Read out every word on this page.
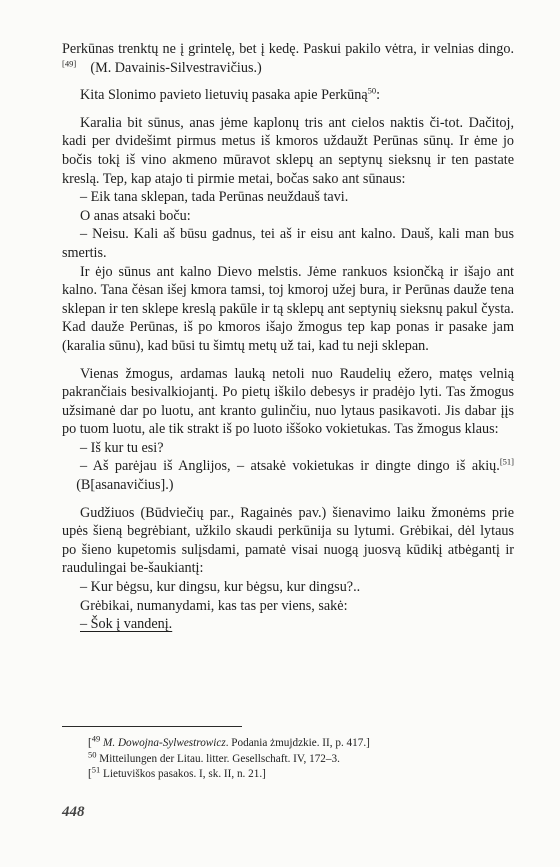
Perkūnas trenktų ne į grintelę, bet į kedę. Paskui pakilo vėtra, ir velnias dingo.[49]    (M. Davainis-Silvestravičius.)

Kita Slonimo pavieto lietuvių pasaka apie Perkūną$^{50}$:

Karalia bit sūnus, anas jėme kaplonų tris ant cielos naktis či-tot. Dačitoj, kadi per dvidešimt pirmus metus iš kmoros uždaužt Perūnas sūnų. Ir ėme jo bočis tokį iš vino akmeno mūravot sklepų an septynų sieksnų ir ten pastate kreslą. Tep, kap atajo ti pirmie metai, bočas sako ant sūnaus:

– Eik tana sklepan, tada Perūnas neuždauš tavi.

O anas atsaki boču:

– Neisu. Kali aš būsu gadnus, tei aš ir eisu ant kalno. Dauš, kali man bus smertis.

Ir ėjo sūnus ant kalno Dievo melstis. Jėme rankuos ksiončką ir išajo ant kalno. Tana čėsan išej kmora tamsi, toj kmoroj užej bura, ir Perūnas dauže tena sklepan ir ten sklepe kreslą pakūle ir tą sklepų ant septynių sieksnų pakul čysta. Kad dauže Perūnas, iš po kmoros išajo žmogus tep kap ponas ir pasake jam (karalia sūnu), kad būsi tu šimtų metų už tai, kad tu neji sklepan.

Vienas žmogus, ardamas lauką netoli nuo Raudelių ežero, matęs velnią pakrančiais besivalkiojantį. Po pietų iškilo debesys ir pradėjo lyti. Tas žmogus užsimanė dar po luotu, ant kranto gulinčiu, nuo lytaus pasikavoti. Jis dabar įįs po tuom luotu, ale tik strakt iš po luoto iššoko vokietukas. Tas žmogus klaus:

– Iš kur tu esi?

– Aš parėjau iš Anglijos, – atsakė vokietukas ir dingte dingo iš akių.[51]    (B[asanavičius].)

Gudžiuos (Būdviečių par., Ragainės pav.) šienavimo laiku žmonėms prie upės šieną begrėbiant, užkilo skaudi perkūnija su lytumi. Grėbikai, dėl lytaus po šieno kupetomis sulįsdami, pamatė visai nuogą juosvą kūdikį atbėgantį ir raudulingai be-šaukiantį:

– Kur bėgsu, kur dingsu, kur bėgsu, kur dingsu?..

Grėbikai, numanydami, kas tas per viens, sakė:

– Šok į vandenį.

[$^{49}$ M. Dowojna-Sylwestrowicz. Podania żmujdzkie. II, p. 417.]
$^{50}$ Mitteilungen der Litau. litter. Gesellschaft. IV, 172–3.
[$^{51}$ Lietuviškos pasakos. I, sk. II, n. 21.]
448
